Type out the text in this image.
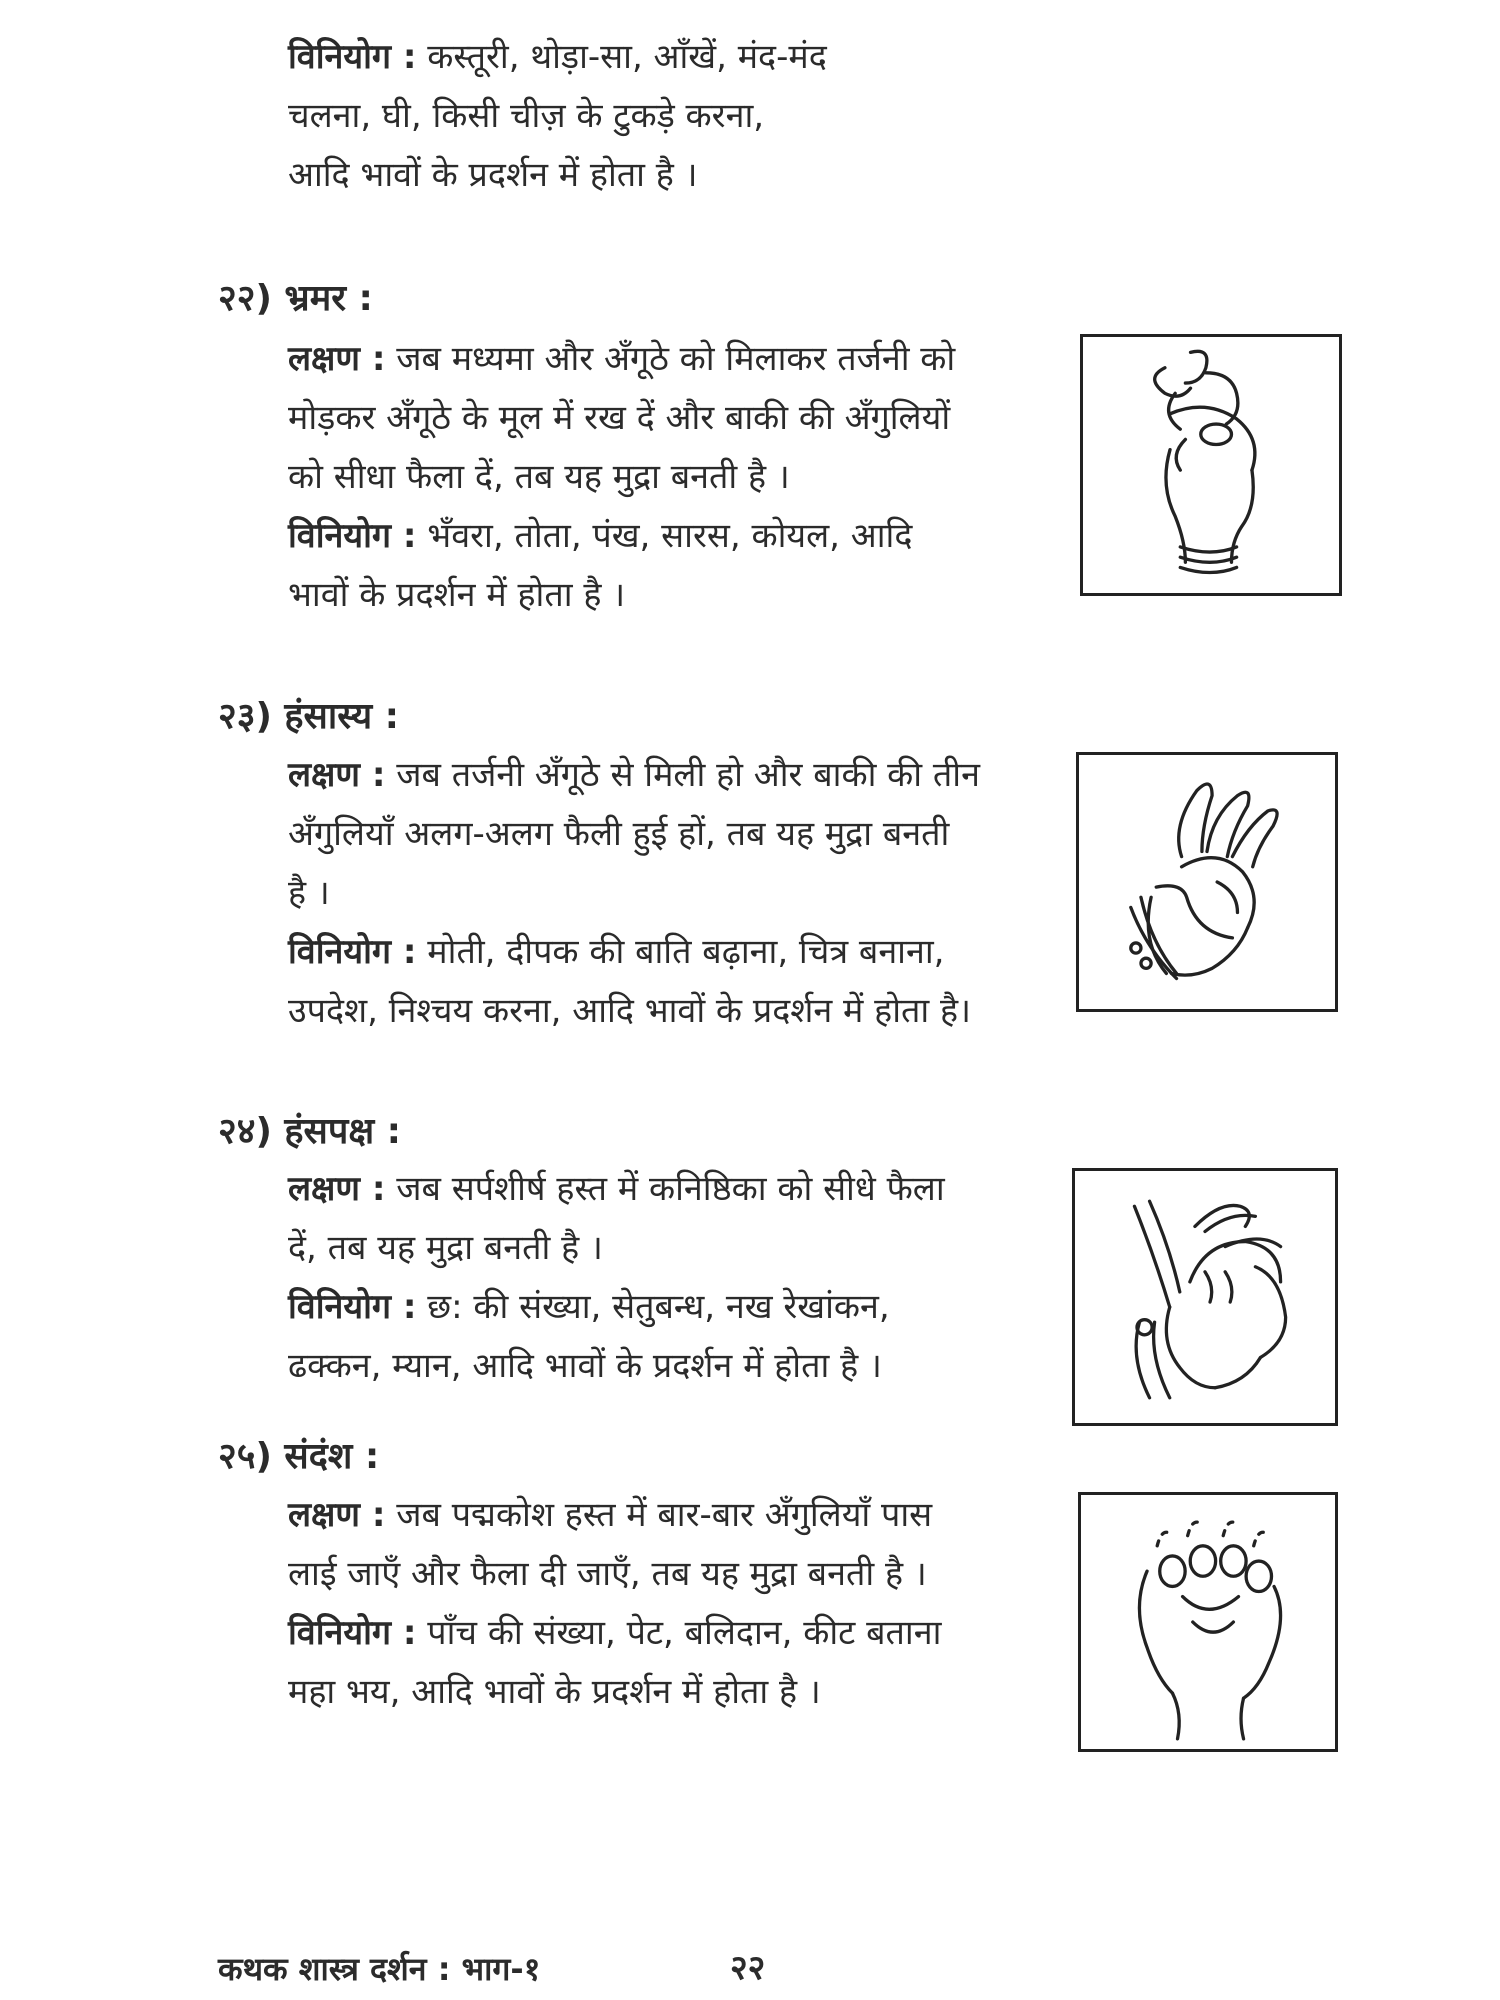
विनियोग : कस्तूरी, थोड़ा-सा, आँखें, मंद-मंद
चलना, घी, किसी चीज़ के टुकड़े करना,
आदि भावों के प्रदर्शन में होता है ।
२२) भ्रमर :
लक्षण : जब मध्यमा और अँगूठे को मिलाकर तर्जनी को
मोड़कर अँगूठे के मूल में रख दें और बाकी की अँगुलियों
को सीधा फैला दें, तब यह मुद्रा बनती है ।
विनियोग : भँवरा, तोता, पंख, सारस, कोयल, आदि
भावों के प्रदर्शन में होता है ।
२३) हंसास्य :
लक्षण : जब तर्जनी अँगूठे से मिली हो और बाकी की तीन
अँगुलियाँ अलग-अलग फैली हुई हों, तब यह मुद्रा बनती
है ।
विनियोग : मोती, दीपक की बाति बढ़ाना, चित्र बनाना,
उपदेश, निश्चय करना, आदि भावों के प्रदर्शन में होता है।
२४) हंसपक्ष :
लक्षण : जब सर्पशीर्ष हस्त में कनिष्ठिका को सीधे फैला
दें, तब यह मुद्रा बनती है ।
विनियोग : छ: की संख्या, सेतुबन्ध, नख रेखांकन,
ढक्कन, म्यान, आदि भावों के प्रदर्शन में होता है ।
२५) संदंश :
लक्षण : जब पद्मकोश हस्त में बार-बार अँगुलियाँ पास
लाई जाएँ और फैला दी जाएँ, तब यह मुद्रा बनती है ।
विनियोग : पाँच की संख्या, पेट, बलिदान, कीट बताना
महा भय, आदि भावों के प्रदर्शन में होता है ।
कथक शास्त्र दर्शन : भाग-१	२२
